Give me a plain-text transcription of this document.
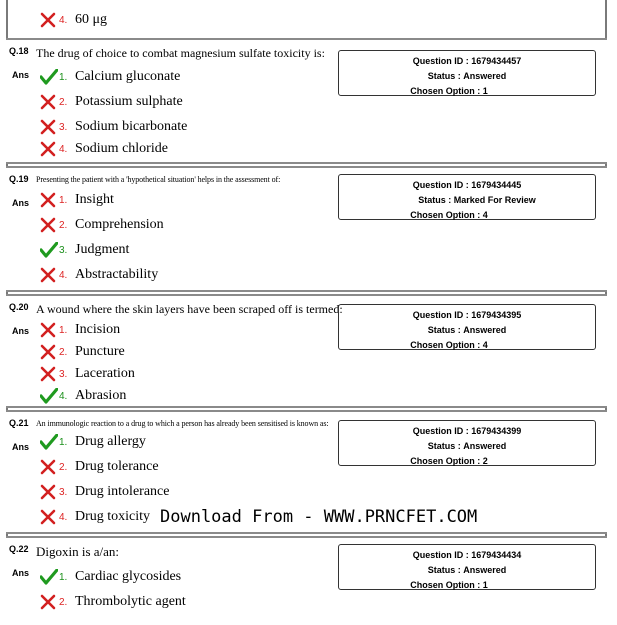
4. 60 μg
Q.18 The drug of choice to combat magnesium sulfate toxicity is:
Ans
Question ID : 1679434457
Status : Answered
Chosen Option : 1
1. Calcium gluconate
2. Potassium sulphate
3. Sodium bicarbonate
4. Sodium chloride
Q.19 Presenting the patient with a 'hypothetical situation' helps in the assessment of:
Ans
Question ID : 1679434445
Status : Marked For Review
Chosen Option : 4
1. Insight
2. Comprehension
3. Judgment
4. Abstractability
Q.20 A wound where the skin layers have been scraped off is termed:
Ans
Question ID : 1679434395
Status : Answered
Chosen Option : 4
1. Incision
2. Puncture
3. Laceration
4. Abrasion
Q.21 An immunologic reaction to a drug to which a person has already been sensitised is known as:
Ans
Question ID : 1679434399
Status : Answered
Chosen Option : 2
1. Drug allergy
2. Drug tolerance
3. Drug intolerance
4. Drug toxicity
Q.22 Digoxin is a/an:
Ans
Question ID : 1679434434
Status : Answered
Chosen Option : 1
1. Cardiac glycosides
2. Thrombolytic agent
Download From - WWW.PRNCFET.COM
